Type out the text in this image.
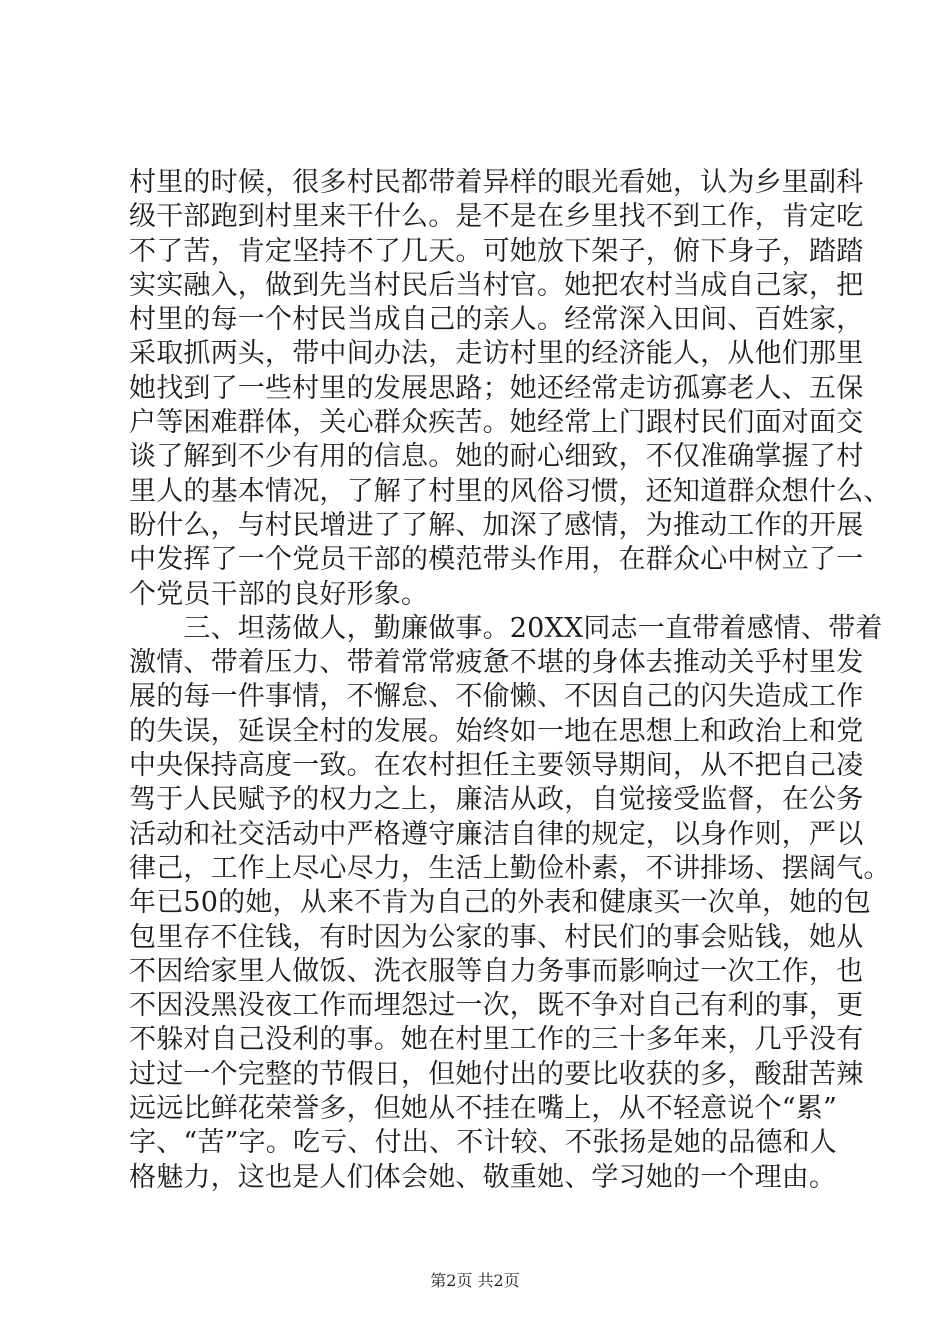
村里的时候，很多村民都带着异样的眼光看她，认为乡里副科
级干部跑到村里来干什么。是不是在乡里找不到工作，肯定吃
不了苦，肯定坚持不了几天。可她放下架子，俯下身子，踏踏
实实融入，做到先当村民后当村官。她把农村当成自己家，把
村里的每一个村民当成自己的亲人。经常深入田间、百姓家，
采取抓两头，带中间办法，走访村里的经济能人，从他们那里
她找到了一些村里的发展思路；她还经常走访孤寡老人、五保
户等困难群体，关心群众疾苦。她经常上门跟村民们面对面交
谈了解到不少有用的信息。她的耐心细致，不仅准确掌握了村
里人的基本情况，了解了村里的风俗习惯，还知道群众想什么、
盼什么，与村民增进了了解、加深了感情，为推动工作的开展
中发挥了一个党员干部的模范带头作用，在群众心中树立了一
个党员干部的良好形象。
　　三、坦荡做人，勤廉做事。20XX同志一直带着感情、带着
激情、带着压力、带着常常疲惫不堪的身体去推动关乎村里发
展的每一件事情，不懈怠、不偷懒、不因自己的闪失造成工作
的失误，延误全村的发展。始终如一地在思想上和政治上和党
中央保持高度一致。在农村担任主要领导期间，从不把自己凌
驾于人民赋予的权力之上，廉洁从政，自觉接受监督，在公务
活动和社交活动中严格遵守廉洁自律的规定，以身作则，严以
律己，工作上尽心尽力，生活上勤俭朴素，不讲排场、摆阔气。
年已50的她，从来不肯为自己的外表和健康买一次单，她的包
包里存不住钱，有时因为公家的事、村民们的事会贴钱，她从
不因给家里人做饭、洗衣服等自力务事而影响过一次工作，也
不因没黑没夜工作而埋怨过一次，既不争对自己有利的事，更
不躲对自己没利的事。她在村里工作的三十多年来，几乎没有
过过一个完整的节假日，但她付出的要比收获的多，酸甜苦辣
远远比鲜花荣誉多，但她从不挂在嘴上，从不轻意说个“累”
字、“苦”字。吃亏、付出、不计较、不张扬是她的品德和人
格魅力，这也是人们体会她、敬重她、学习她的一个理由。
第2页 共2页
